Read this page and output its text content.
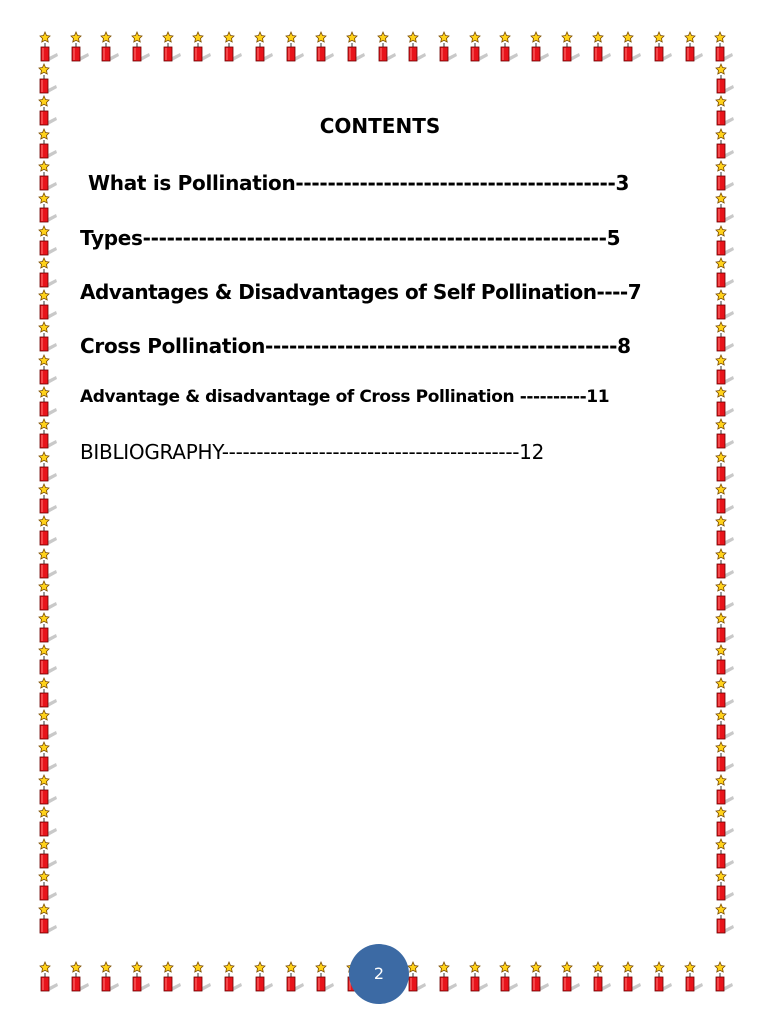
CONTENTS
What is Pollination----------------------------------------3
Types----------------------------------------------------------5
Advantages & Disadvantages of Self Pollination----7
Cross Pollination--------------------------------------------8
Advantage & disadvantage of Cross Pollination ----------11
BIBLIOGRAPHY-------------------------------------------12
2
